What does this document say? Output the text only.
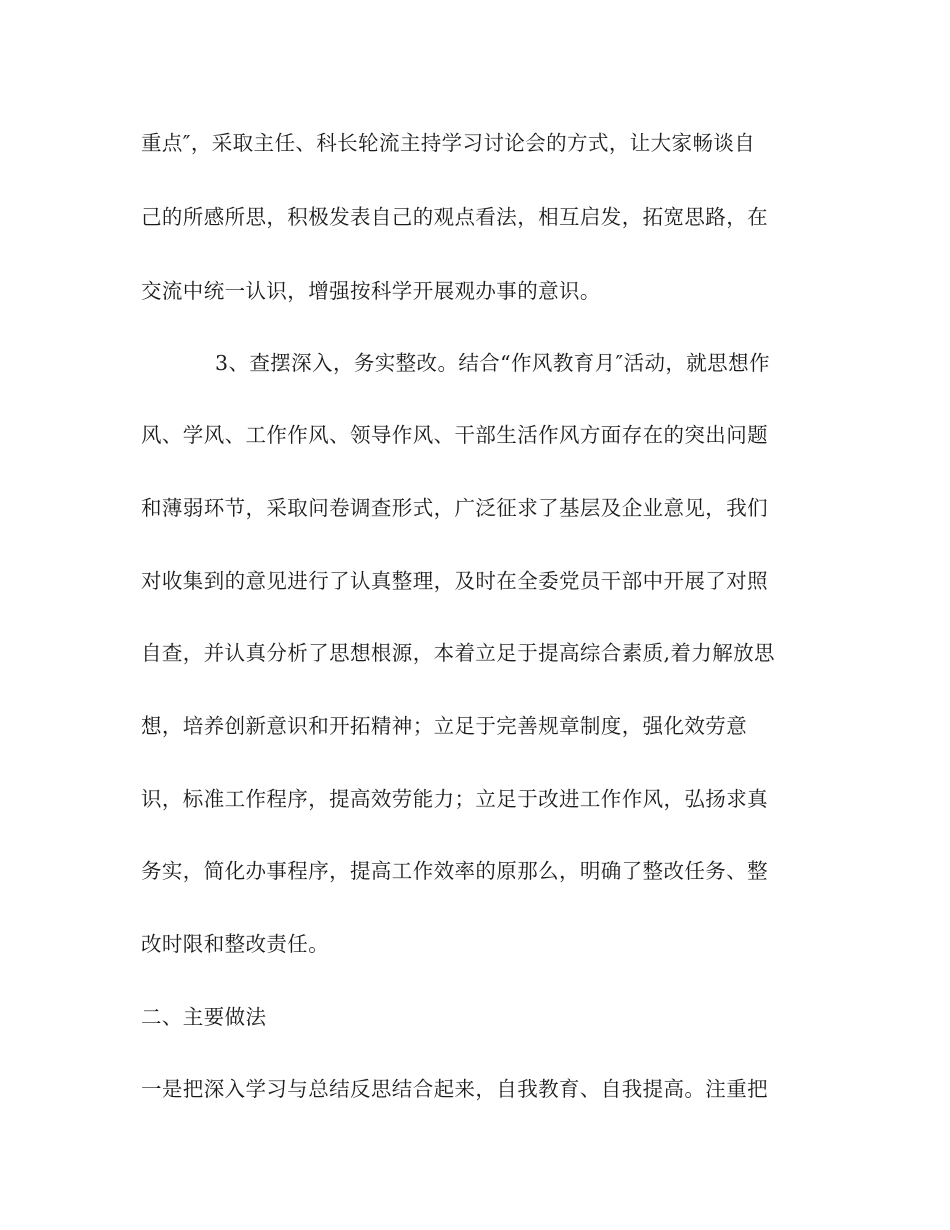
重点″，采取主任、科长轮流主持学习讨论会的方式，让大家畅谈自
己的所感所思，积极发表自己的观点看法，相互启发，拓宽思路，在
交流中统一认识，增强按科学开展观办事的意识。
3、查摆深入，务实整改。结合“作风教育月″活动，就思想作
风、学风、工作作风、领导作风、干部生活作风方面存在的突出问题
和薄弱环节，采取问卷调查形式，广泛征求了基层及企业意见，我们
对收集到的意见进行了认真整理，及时在全委党员干部中开展了对照
自查，并认真分析了思想根源，本着立足于提高综合素质,着力解放思
想，培养创新意识和开拓精神；立足于完善规章制度，强化效劳意
识，标准工作程序，提高效劳能力；立足于改进工作作风，弘扬求真
务实，简化办事程序，提高工作效率的原那么，明确了整改任务、整
改时限和整改责任。
二、主要做法
一是把深入学习与总结反思结合起来，自我教育、自我提高。注重把
